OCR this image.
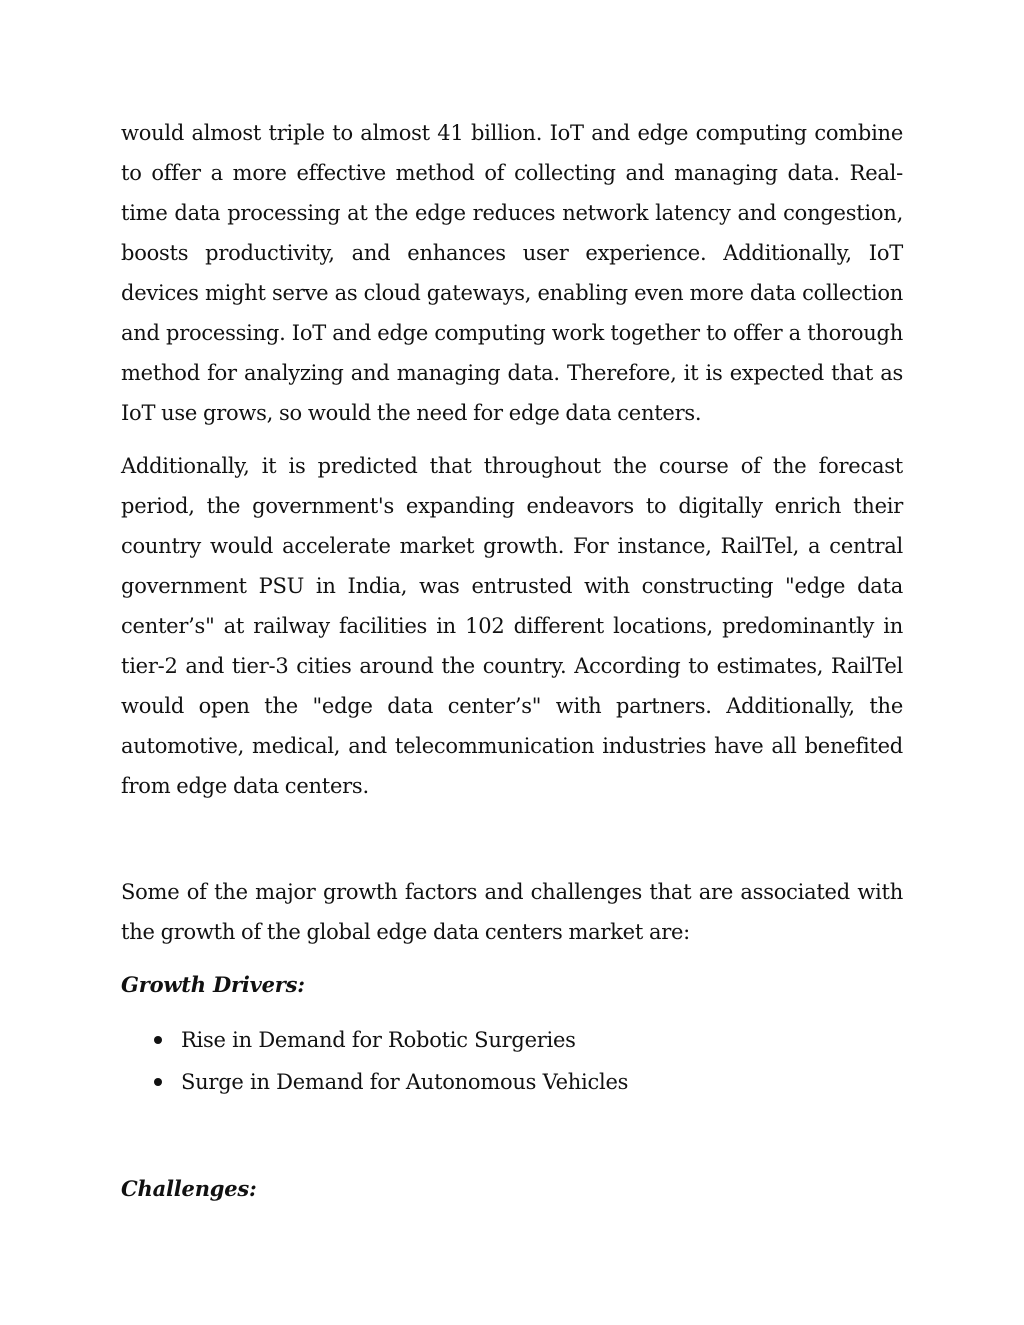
would almost triple to almost 41 billion. IoT and edge computing combine to offer a more effective method of collecting and managing data. Real-time data processing at the edge reduces network latency and congestion, boosts productivity, and enhances user experience. Additionally, IoT devices might serve as cloud gateways, enabling even more data collection and processing. IoT and edge computing work together to offer a thorough method for analyzing and managing data. Therefore, it is expected that as IoT use grows, so would the need for edge data centers.

Additionally, it is predicted that throughout the course of the forecast period, the government's expanding endeavors to digitally enrich their country would accelerate market growth. For instance, RailTel, a central government PSU in India, was entrusted with constructing "edge data center’s" at railway facilities in 102 different locations, predominantly in tier-2 and tier-3 cities around the country. According to estimates, RailTel would open the "edge data center’s" with partners. Additionally, the automotive, medical, and telecommunication industries have all benefited from edge data centers.

Some of the major growth factors and challenges that are associated with the growth of the global edge data centers market are:

Growth Drivers:
Rise in Demand for Robotic Surgeries
Surge in Demand for Autonomous Vehicles
Challenges:
